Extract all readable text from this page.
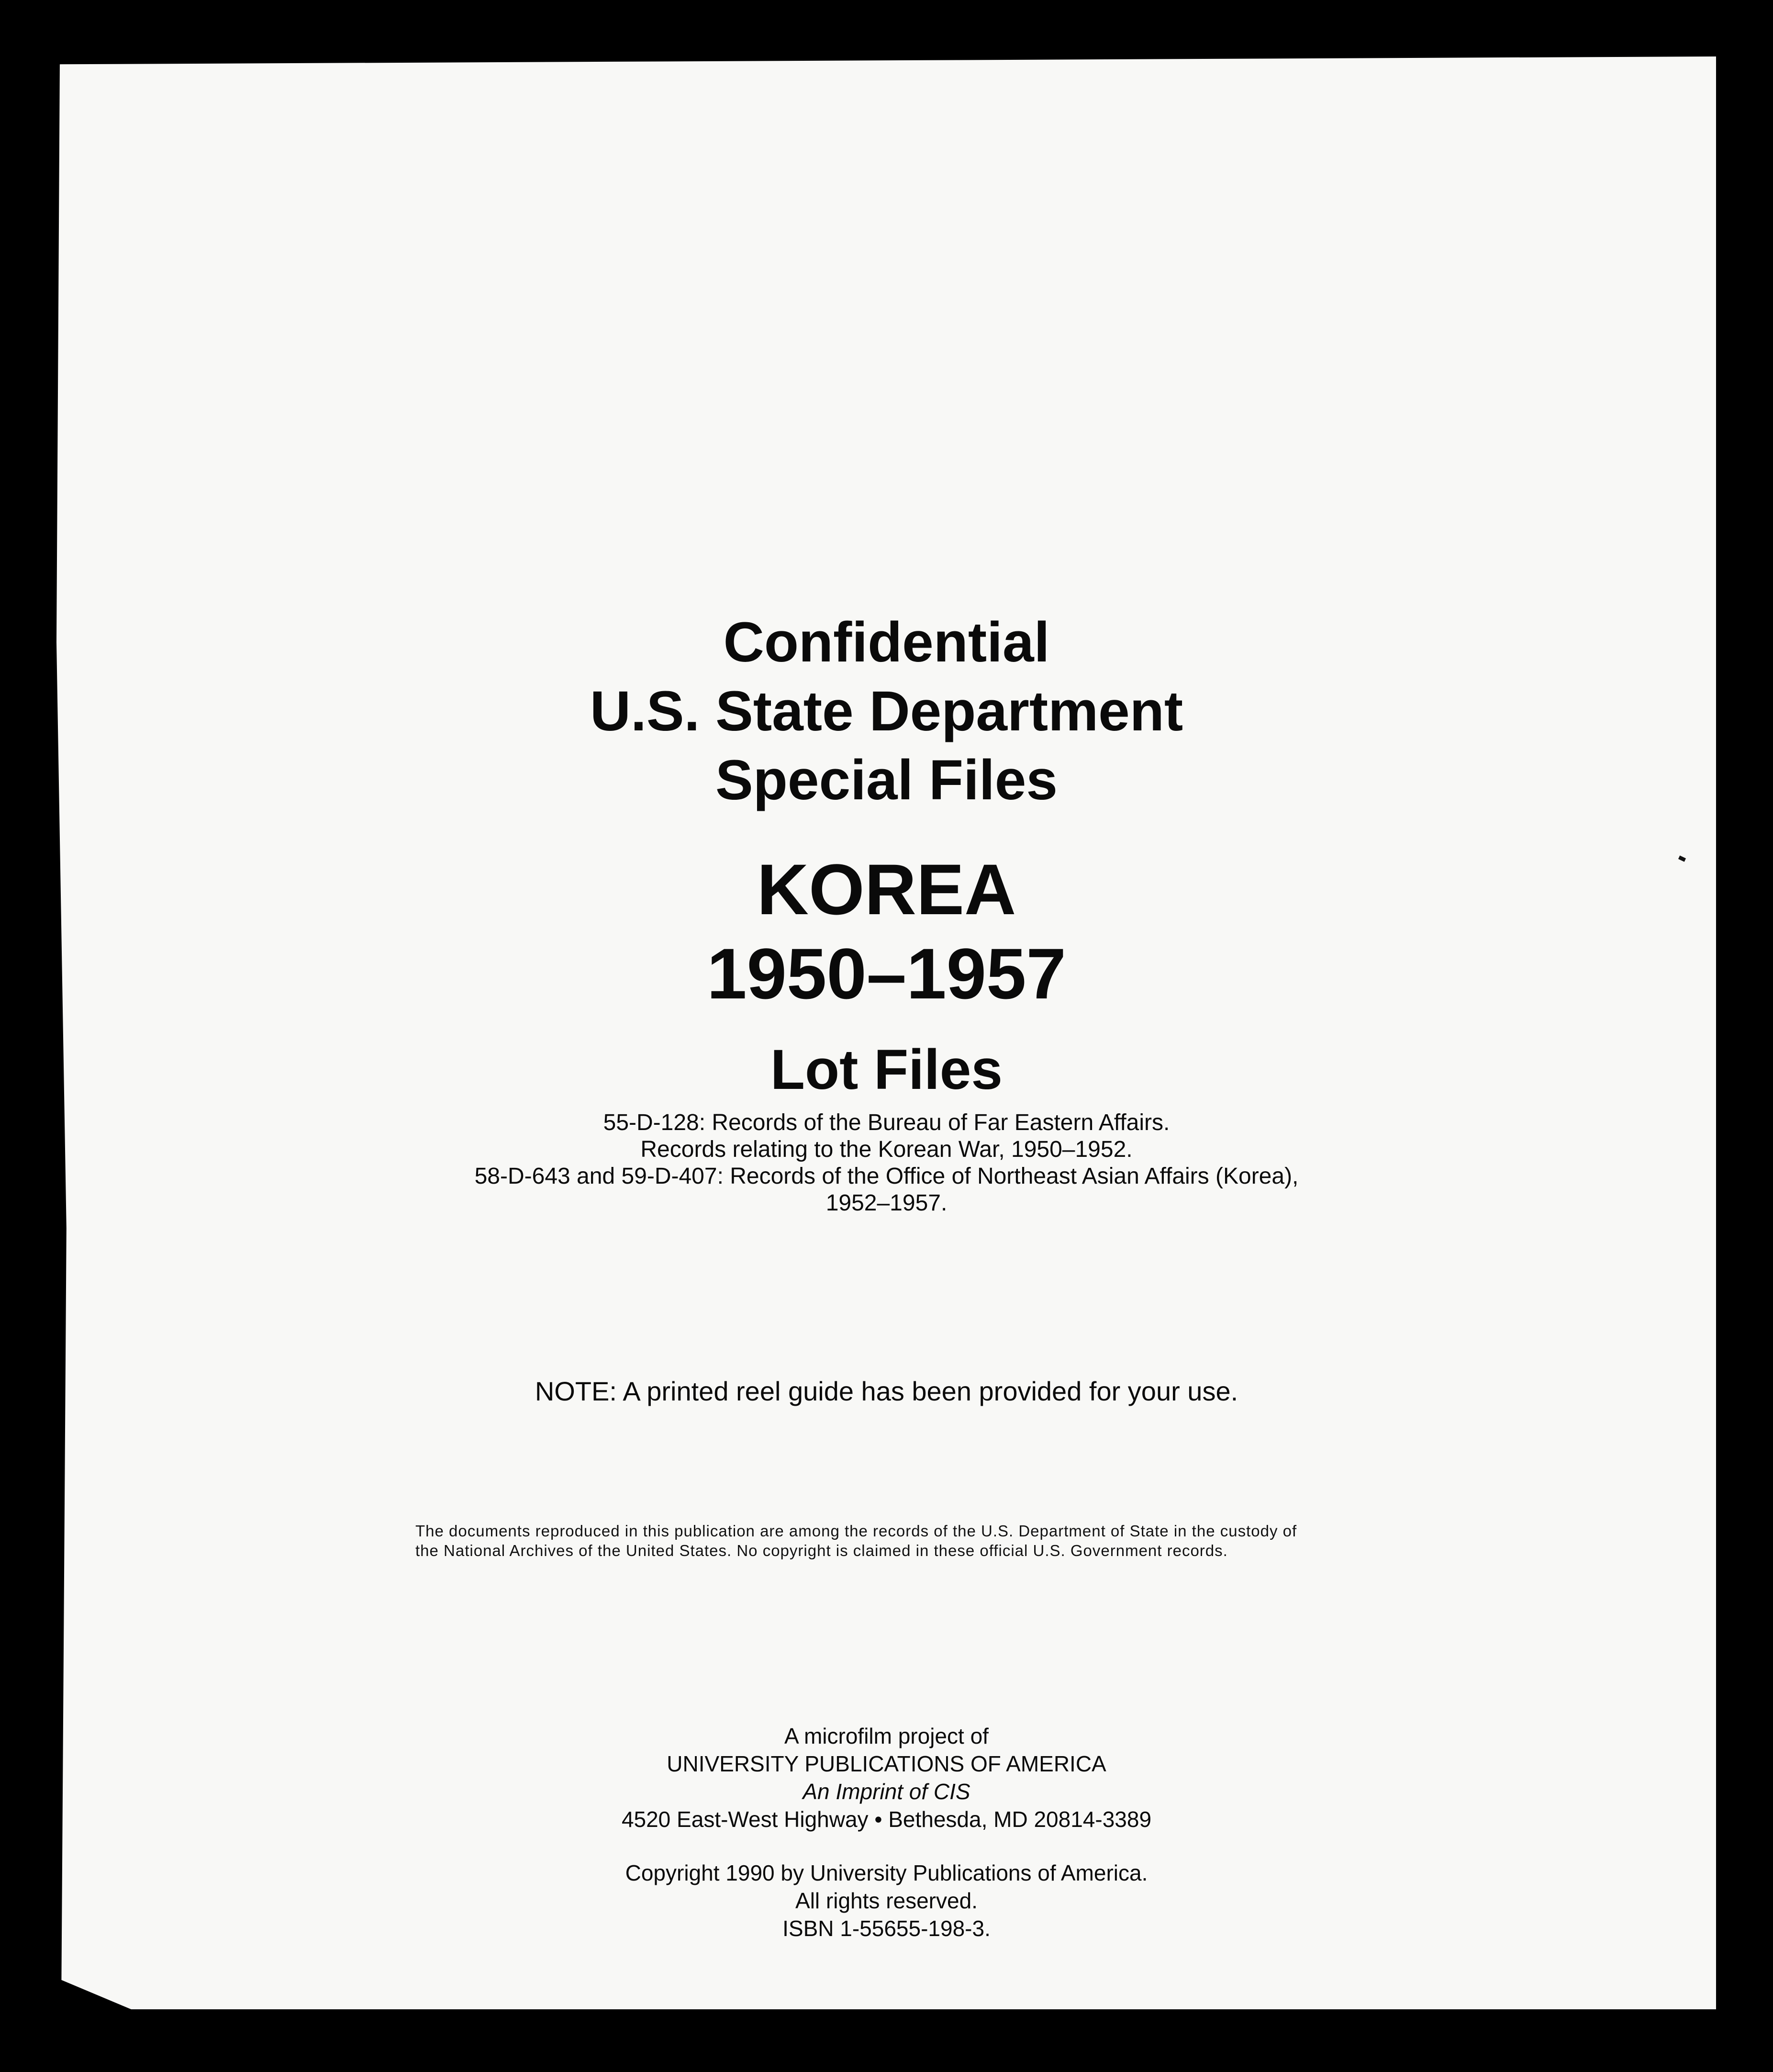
Confidential
U.S. State Department
Special Files
KOREA
1950–1957
Lot Files
55-D-128: Records of the Bureau of Far Eastern Affairs.
Records relating to the Korean War, 1950–1952.
58-D-643 and 59-D-407: Records of the Office of Northeast Asian Affairs (Korea),
1952–1957.
NOTE: A printed reel guide has been provided for your use.
The documents reproduced in this publication are among the records of the U.S. Department of State in the custody of the National Archives of the United States. No copyright is claimed in these official U.S. Government records.
A microfilm project of
UNIVERSITY PUBLICATIONS OF AMERICA
An Imprint of CIS
4520 East-West Highway • Bethesda, MD 20814-3389
Copyright 1990 by University Publications of America.
All rights reserved.
ISBN 1-55655-198-3.
